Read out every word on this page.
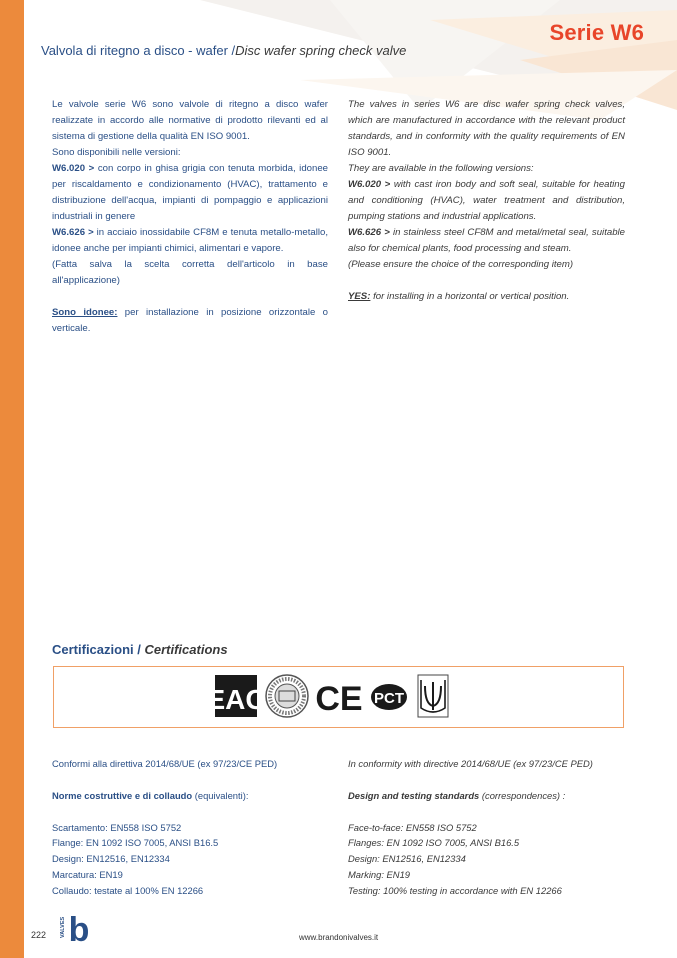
Serie W6
Valvola di ritegno a disco - wafer /Disc wafer spring check valve

Le valvole serie W6 sono valvole di ritegno a disco wafer realizzate in accordo alle normative di prodotto rilevanti ed al sistema di gestione della qualità EN ISO 9001.

Sono disponibili nelle versioni:

W6.020 > con corpo in ghisa grigia con tenuta morbida, idonee per riscaldamento e condizionamento (HVAC), trattamento e distribuzione dell'acqua, impianti di pompaggio e applicazioni industriali in genere

W6.626 > in acciaio inossidabile CF8M e tenuta metallo-metallo, idonee anche per impianti chimici, alimentari e vapore.

(Fatta salva la scelta corretta dell'articolo in base all'applicazione)

Sono idonee: per installazione in posizione orizzontale o verticale.

The valves in series W6 are disc wafer spring check valves, which are manufactured in accordance with the relevant product standards, and in conformity with the quality requirements of EN ISO 9001.

They are available in the following versions:

W6.020 > with cast iron body and soft seal, suitable for heating and conditioning (HVAC), water treatment and distribution, pumping stations and industrial applications.

W6.626 > in stainless steel CF8M and metal/metal seal, suitable also for chemical plants, food processing and steam.

(Please ensure the choice of the corresponding item)

YES: for installing in a horizontal or vertical position.

Certificazioni / Certifications
EAC CE PCT

Conformi alla direttiva 2014/68/UE (ex 97/23/CE PED)

Norme costruttive e di collaudo (equivalenti):

Scartamento: EN558 ISO 5752

Flange: EN 1092 ISO 7005, ANSI B16.5

Design: EN12516, EN12334

Marcatura: EN19

Collaudo: testate al 100% EN 12266

In conformity with directive 2014/68/UE (ex 97/23/CE PED)

Design and testing standards (correspondences) :

Face-to-face: EN558 ISO 5752

Flanges: EN 1092 ISO 7005, ANSI B16.5

Design: EN12516, EN12334

Marking: EN19

Testing: 100% testing in accordance with EN 12266

222	VALVES b	www.brandonivalves.it
